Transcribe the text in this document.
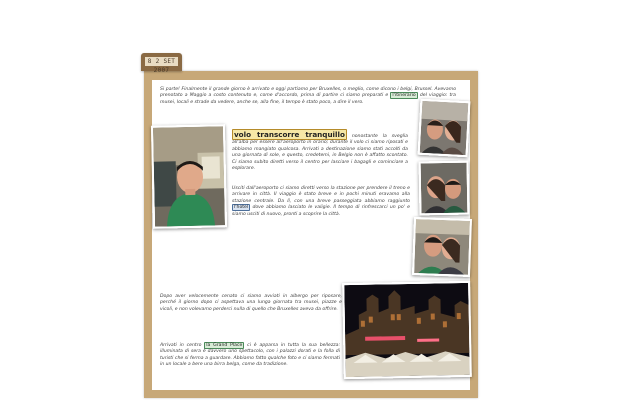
8 2 SET 2007

Si parte! Finalmente il grande giorno è arrivato e oggi partiamo per Bruxelles, o meglio, come dicono i belgi, Brussel. Avevamo prenotato a Maggio a costo contenuto e, come d'accordo, prima di partire ci siamo preparati e l'itinerario del viaggio: tra musei, locali e strade da vedere, anche se, alla fine, il tempo è stato poco, a dire il vero.

volo transcorre tranquillo nonostante la sveglia all'alba per essere all'aeroporto in orario; durante il volo ci siamo riposati e abbiamo mangiato qualcosa. Arrivati a destinazione siamo stati accolti da una giornata di sole, e questo, credetemi, in Belgio non è affatto scontato. Ci siamo subito diretti verso il centro per lasciare i bagagli e cominciare a esplorare.

Usciti dall'aeroporto ci siamo diretti verso la stazione per prendere il treno e arrivare in città. Il viaggio è stato breve e in pochi minuti eravamo alla stazione centrale. Da lì, con una breve passeggiata abbiamo raggiunto l'hotel dove abbiamo lasciato le valigie. Il tempo di rinfrescarci un po' e siamo usciti di nuovo, pronti a scoprire la città.

Dopo aver velocemente cenato ci siamo avviati in albergo per riposare, perché il giorno dopo ci aspettava una lunga giornata tra musei, piazze e vicoli, e non volevamo perderci nulla di quello che Bruxelles aveva da offrire.

Arrivati in centro la Grand Place ci è apparsa in tutta la sua bellezza: illuminata di sera è davvero uno spettacolo, con i palazzi dorati e la folla di turisti che si ferma a guardare. Abbiamo fatto qualche foto e ci siamo fermati in un locale a bere una birra belga, come da tradizione.
